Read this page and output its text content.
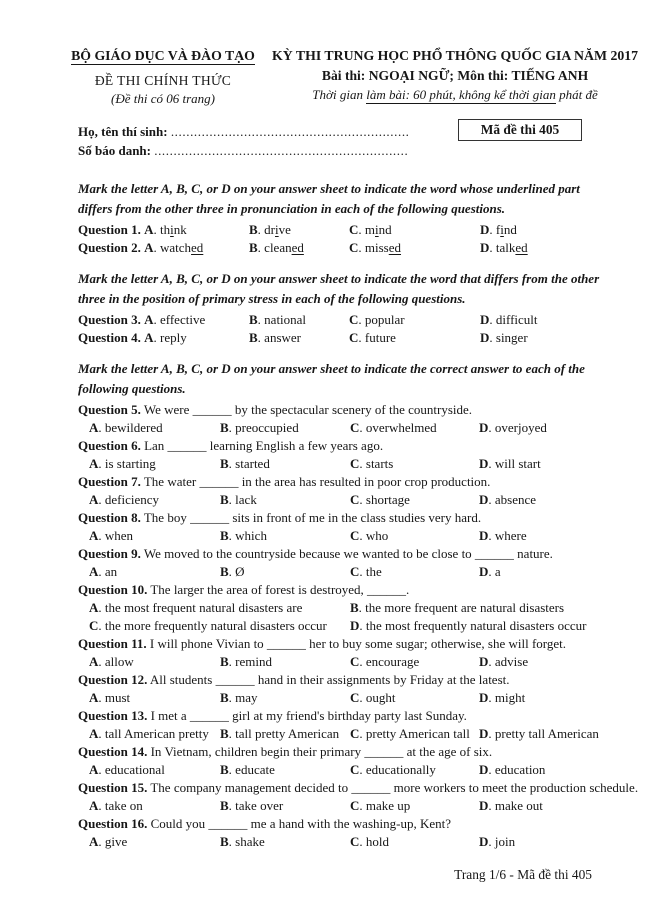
BỘ GIÁO DỤC VÀ ĐÀO TẠO
ĐỀ THI CHÍNH THỨC
(Đề thi có 06 trang)
KỲ THI TRUNG HỌC PHỔ THÔNG QUỐC GIA NĂM 2017
Bài thi: NGOẠI NGỮ; Môn thi: TIẾNG ANH
Thời gian làm bài: 60 phút, không kể thời gian phát đề
Họ, tên thí sinh: ..............................................................
Số báo danh: ..................................................................
Mã đề thi 405

Mark the letter A, B, C, or D on your answer sheet to indicate the word whose underlined part differs from the other three in pronunciation in each of the following questions.

Question 1. A. think	B. drive	C. mind	D. find
Question 2. A. watched	B. cleaned	C. missed	D. talked

Mark the letter A, B, C, or D on your answer sheet to indicate the word that differs from the other three in the position of primary stress in each of the following questions.

Question 3. A. effective	B. national	C. popular	D. difficult
Question 4. A. reply	B. answer	C. future	D. singer

Mark the letter A, B, C, or D on your answer sheet to indicate the correct answer to each of the following questions.

Question 5. We were ______ by the spectacular scenery of the countryside.
A. bewildered	B. preoccupied	C. overwhelmed	D. overjoyed
Question 6. Lan ______ learning English a few years ago.
A. is starting	B. started	C. starts	D. will start
Question 7. The water ______ in the area has resulted in poor crop production.
A. deficiency	B. lack	C. shortage	D. absence
Question 8. The boy ______ sits in front of me in the class studies very hard.
A. when	B. which	C. who	D. where
Question 9. We moved to the countryside because we wanted to be close to ______ nature.
A. an	B. Ø	C. the	D. a
Question 10. The larger the area of forest is destroyed, ______.
A. the most frequent natural disasters are	B. the more frequent are natural disasters
C. the more frequently natural disasters occur	D. the most frequently natural disasters occur
Question 11. I will phone Vivian to ______ her to buy some sugar; otherwise, she will forget.
A. allow	B. remind	C. encourage	D. advise
Question 12. All students ______ hand in their assignments by Friday at the latest.
A. must	B. may	C. ought	D. might
Question 13. I met a ______ girl at my friend's birthday party last Sunday.
A. tall American pretty B. tall pretty American C. pretty American tall D. pretty tall American
Question 14. In Vietnam, children begin their primary ______ at the age of six.
A. educational	B. educate	C. educationally	D. education
Question 15. The company management decided to ______ more workers to meet the production schedule.
A. take on	B. take over	C. make up	D. make out
Question 16. Could you ______ me a hand with the washing-up, Kent?
A. give	B. shake	C. hold	D. join
Trang 1/6 - Mã đề thi 405
